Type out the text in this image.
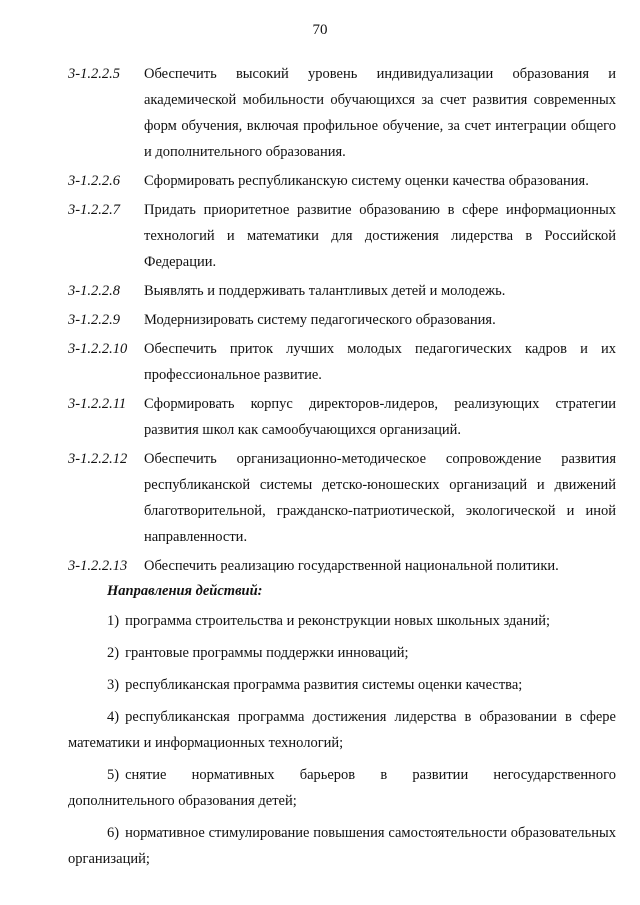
70
3-1.2.2.5	Обеспечить высокий уровень индивидуализации образования и академической мобильности обучающихся за счет развития современных форм обучения, включая профильное обучение, за счет интеграции общего и дополнительного образования.
3-1.2.2.6	Сформировать республиканскую систему оценки качества образования.
3-1.2.2.7	Придать приоритетное развитие образованию в сфере информационных технологий и математики для достижения лидерства в Российской Федерации.
3-1.2.2.8	Выявлять и поддерживать талантливых детей и молодежь.
3-1.2.2.9	Модернизировать систему педагогического образования.
3-1.2.2.10	Обеспечить приток лучших молодых педагогических кадров и их профессиональное развитие.
3-1.2.2.11	Сформировать корпус директоров-лидеров, реализующих стратегии развития школ как самообучающихся организаций.
3-1.2.2.12	Обеспечить организационно-методическое сопровождение развития республиканской системы детско-юношеских организаций и движений благотворительной, гражданско-патриотической, экологической и иной направленности.
3-1.2.2.13	Обеспечить реализацию государственной национальной политики.
Направления действий:
1) программа строительства и реконструкции новых школьных зданий;
2) грантовые программы поддержки инноваций;
3) республиканская программа развития системы оценки качества;
4) республиканская программа достижения лидерства в образовании в сфере математики и информационных технологий;
5) снятие нормативных барьеров в развитии негосударственного дополнительного образования детей;
6) нормативное стимулирование повышения самостоятельности образовательных организаций;
